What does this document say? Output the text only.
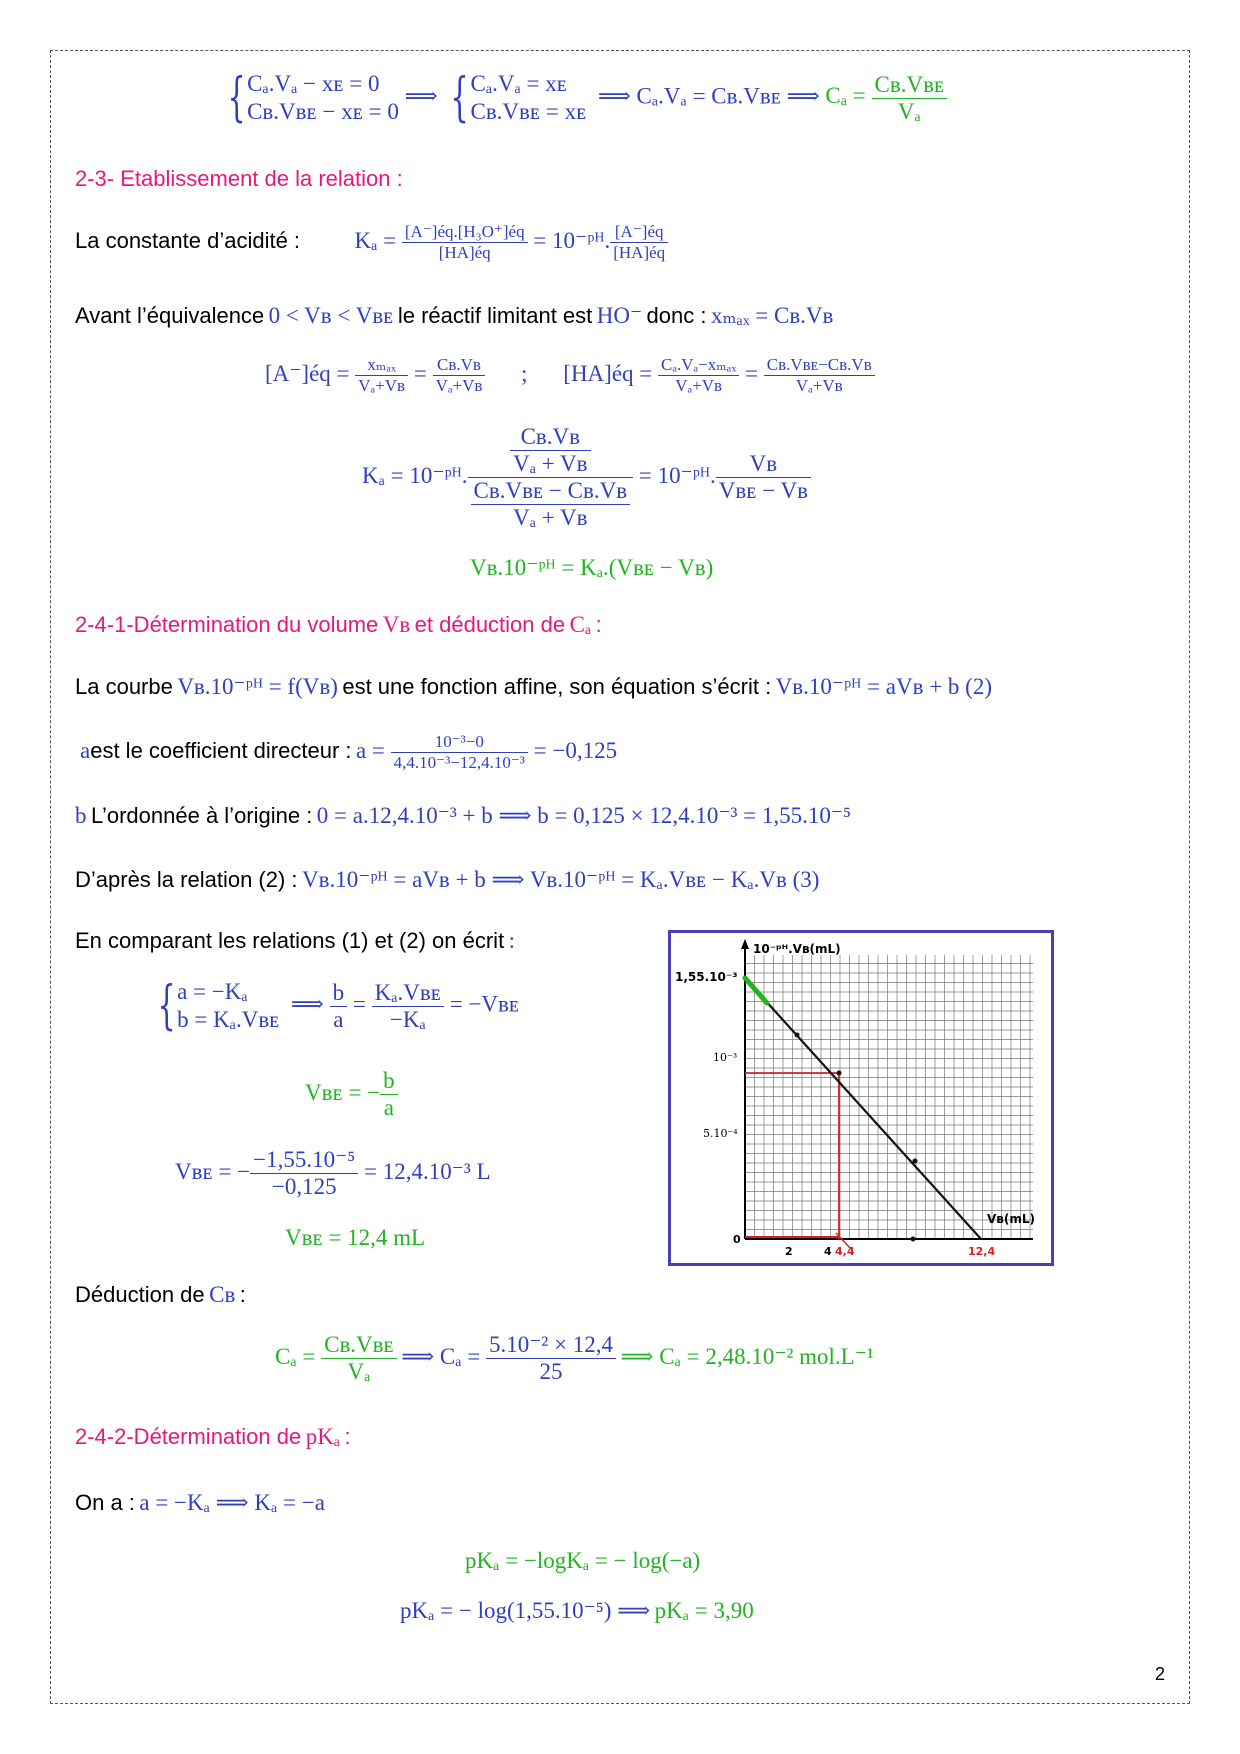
{Cₐ.Vₐ − xᴇ = 0
Cʙ.Vʙᴇ − xᴇ = 0 ⟹ {Cₐ.Vₐ = xᴇ
Cʙ.Vʙᴇ = xᴇ  ⟹ Cₐ.Vₐ = Cʙ.Vʙᴇ ⟹ $C_a = \frac{\text{Cʙ.Vʙᴇ}}{\text{Vₐ}}$
2-3- Etablissement de la relation :
La constante d’acidité : $K_a = \frac{\text{[A⁻]éq.[H₃O⁺]éq}}{[HA]éq}$ = 10⁻ᵖᴴ. $\frac{[A^-]éq}{[HA]éq}$
Avant l’équivalence 0 < Vʙ < Vʙᴇ le réactif limitant est HO⁻ donc : xₘₐₓ = Cʙ.Vʙ
[A⁻]éq = $\frac{\text{xₘₐₓ}}{\text{Vₐ+Vʙ}} = \frac{\text{Cʙ.Vʙ}}{\text{Vₐ+Vʙ}}$ ; [HA]éq = $\frac{\text{Cₐ.Vₐ−xₘₐₓ}}{\text{Vₐ+Vʙ}} = \frac{\text{Cʙ.Vʙᴇ−Cʙ.Vʙ}}{\text{Vₐ+Vʙ}}$
Kₐ = 10⁻ᵖᴴ. $\frac{\frac{\text{Cʙ.Vʙ}}{\text{Vₐ + Vʙ}}}{\frac{\text{Cʙ.Vʙᴇ − Cʙ.Vʙ}}{\text{Vₐ + Vʙ}}}$ = 10⁻ᵖᴴ. $\frac{\text{Vʙ}}{\text{Vʙᴇ − Vʙ}}$
Vʙ.10⁻ᵖᴴ = Kₐ.(Vʙᴇ − Vʙ)
2-4-1-Détermination du volume Vʙ et déduction de Cₐ :
La courbe Vʙ.10⁻ᵖᴴ = f(Vʙ) est une fonction affine, son équation s’écrit : Vʙ.10⁻ᵖᴴ = aVʙ + b (2)
aest le coefficient directeur : $a = \frac{\text{10⁻³−0}}{\text{4,4.10⁻³−12,4.10⁻³}} = -0,125$
b L’ordonnée à l’origine : 0 = a.12,4.10⁻³ + b ⟹ b = 0,125 × 12,4.10⁻³ = 1,55.10⁻⁵
D’après la relation (2) : Vʙ.10⁻ᵖᴴ = aVʙ + b ⟹ Vʙ.10⁻ᵖᴴ = Kₐ.Vʙᴇ − Kₐ.Vʙ (3)
En comparant les relations (1) et (2) on écrit :
{a = −Kₐ
b = Kₐ.Vʙᴇ  ⟹ $\frac{b}{a} = \frac{\text{Kₐ.Vʙᴇ}}{\text{−Kₐ}}$ = −Vʙᴇ
Vʙᴇ = − $\frac{b}{a}$
Vʙᴇ = − $\frac{\text{−1,55.10⁻⁵}}{-0,125} = 12,4.10^{-3}$ L
Vʙᴇ = 12,4 mL
Déduction de Cʙ :
$C_a = \frac{\text{Cʙ.Vʙᴇ}}{\text{Vₐ}}$ ⟹ $C_a = \frac{\text{5.10⁻² × 12,4}}{25}$ ⟹ Cₐ = 2,48.10⁻² mol.L⁻¹
2-4-2-Détermination de pKₐ :
On a : a = −Kₐ ⟹ Kₐ = −a
pKₐ = −logKₐ = − log(−a)
pKₐ = − log(1,55.10⁻⁵) ⟹ pKₐ = 3,90
2
10⁻ᵖᴴ.Vʙ(mL)
1,55.10⁻³
10⁻³
5.10⁻⁴
0
Vʙ(mL)
2	4 4,4	12,4
